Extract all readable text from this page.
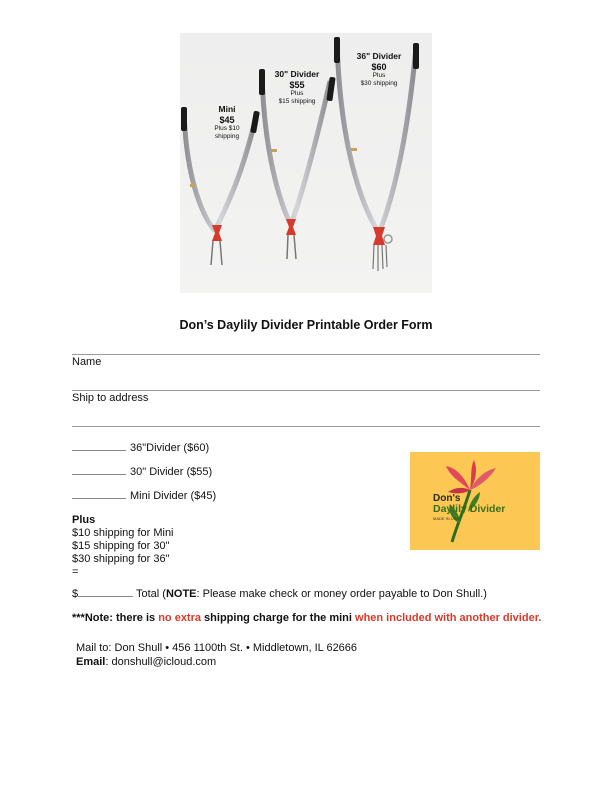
Mini
$45
Plus $10
shipping
30" Divider
$55
Plus
$15 shipping
36" Divider
$60
Plus
$30 shipping
Don’s Daylily Divider Printable Order Form
Name
Ship to address
36"Divider ($60)
30" Divider ($55)
Mini Divider ($45)
Plus
$10 shipping for Mini
$15 shipping for 30"
$30 shipping for 36"
=
Don's
Daylily Divider
MADE IN USA
$	Total (NOTE: Please make check or money order payable to Don Shull.)
***Note: there is no extra shipping charge for the mini when included with another divider.
Mail to: Don Shull • 456 1100th St. • Middletown, IL 62666
Email: donshull@icloud.com
